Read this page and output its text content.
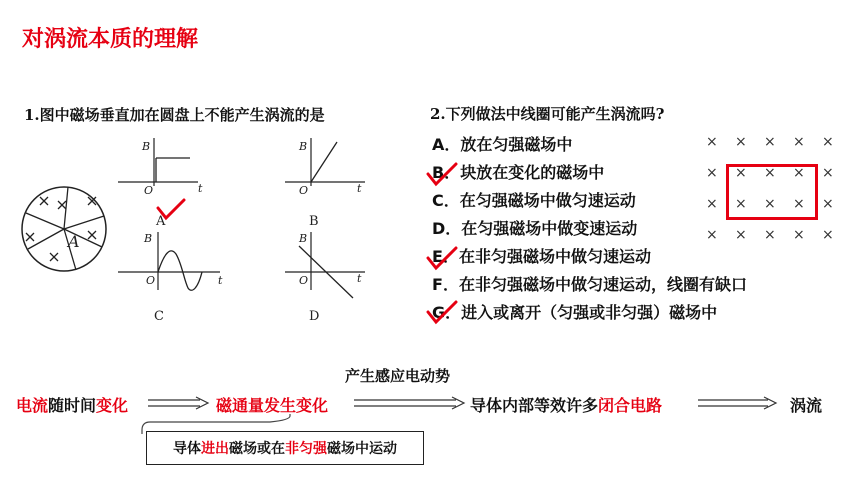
对涡流本质的理解
1.图中磁场垂直加在圆盘上不能产生涡流的是
A
B
O	t
A
B
O	t
B
B
O	t
C
B
O	t
D
2.下列做法中线圈可能产生涡流吗?
A．放在匀强磁场中
B．块放在变化的磁场中
C．在匀强磁场中做匀速运动
D．在匀强磁场中做变速运动
E．在非匀强磁场中做匀速运动
F．在非匀强磁场中做匀速运动，线圈有缺口
G．进入或离开（匀强或非匀强）磁场中
× × × × ×
× × × × ×
× × × × ×
× × × × ×
产生感应电动势
电流随时间变化	磁通量发生变化	导体内部等效许多闭合电路	涡流
导体进出磁场或在非匀强磁场中运动
